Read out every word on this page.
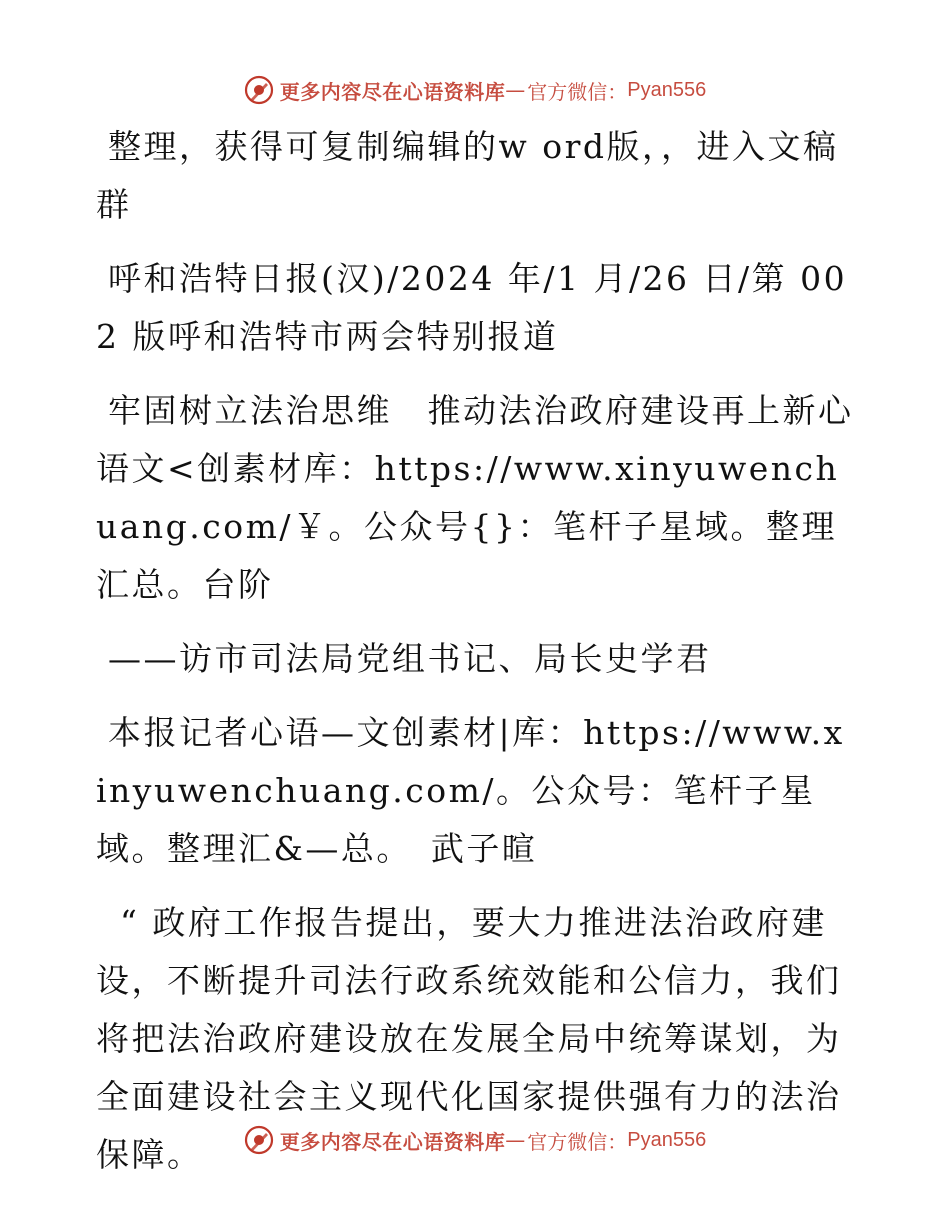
更多内容尽在心语资料库 — 官方微信： Pyan556

整理，获得可复制编辑的w ord版，，进入文稿群

呼和浩特日报(汉)/2024 年/1 月/26 日/第 002 版呼和浩特市两会特别报道

牢固树立法治思维　推动法治政府建设再上新心语文<创素材库：https://www.xinyuwenchuang.com/￥。公众号{}：笔杆子星域。整理汇总。台阶

——访市司法局党组书记、局长史学君

本报记者心语—文创素材|库：https://www.xinyuwenchuang.com/。公众号：笔杆子星域。整理汇&—总。　武子暄

“ 政府工作报告提出，要大力推进法治政府建设，不断提升司法行政系统效能和公信力，我们将把法治政府建设放在发展全局中统筹谋划，为全面建设社会主义现代化国家提供强有力的法治保障。	更多内容尽在心语资料库 — 官方微信： Pyan556
